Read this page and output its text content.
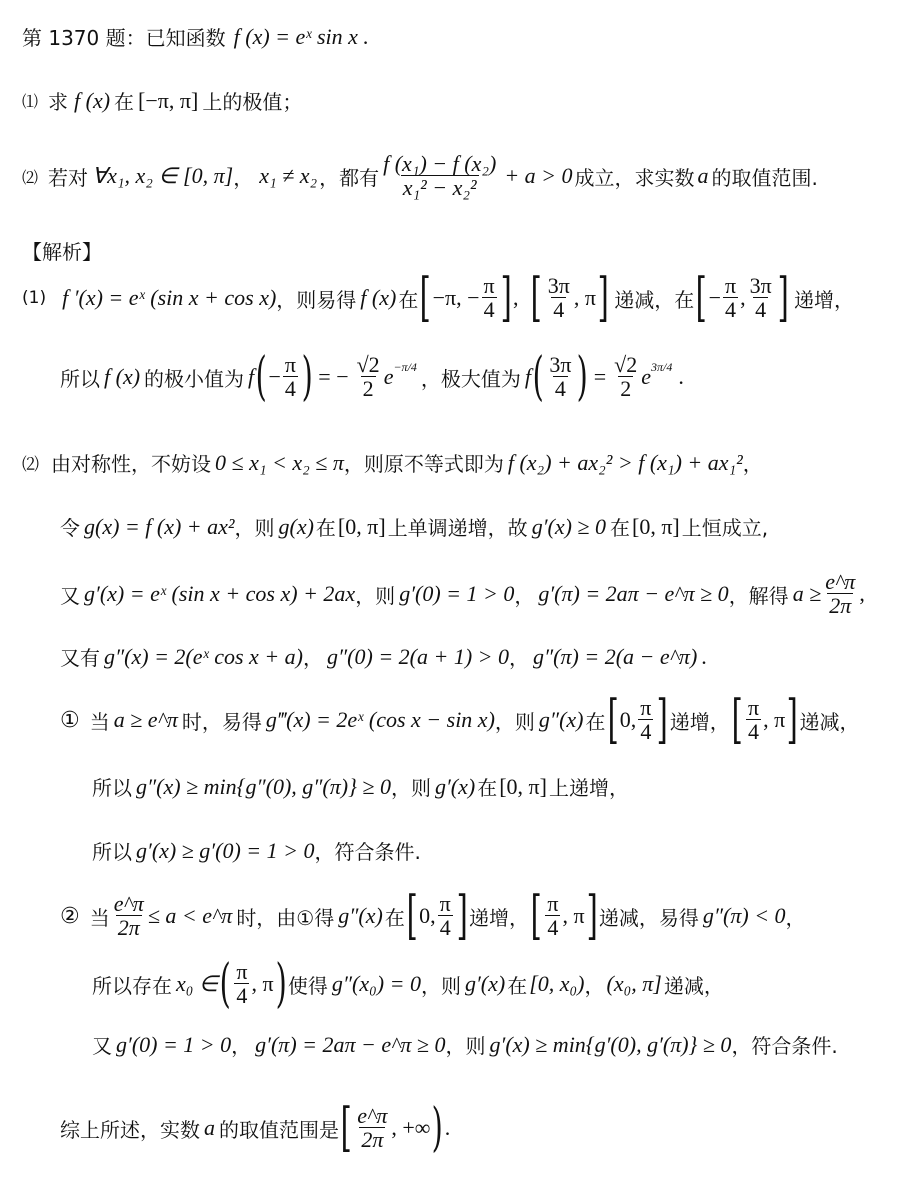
第 1370 题：已知函数 f (x) = eˣ sin x .
⑴ 求 f (x) 在 [−π, π] 上的极值；
⑵ 若对 ∀x₁, x₂ ∈ [0, π] ， x₁ ≠ x₂ ，都有 $\frac{\text{f (x₁) − f (x₂)}}{\text{x₁² − x₂²}} + a > 0$ 成立，求实数 a 的取值范围.
【解析】
(1) f ′(x) = eˣ (sin x + cos x) ，则易得 f (x) 在 [ −π, − $\frac{\pi}{4}$ ] , [ $\frac{3\pi}{4}$ , π ] 递减，在 [ − $\frac{\pi}{4}$ , $\frac{3\pi}{4}$ ] 递增，
所以 f (x) 的极小值为 f ( − $\frac{\pi}{4}$ ) = − $\frac{√2}{2}$ e −π/4 ，极大值为 f ( $\frac{3\pi}{4}$ ) = $\frac{√2}{2}$ e 3π/4 .
⑵ 由对称性，不妨设 0 ≤ x₁ < x₂ ≤ π ，则原不等式即为 f (x₂) + ax₂² > f (x₁) + ax₁² ，
令 g(x) = f (x) + ax² ，则 g(x) 在 [0, π] 上单调递增，故 g′(x) ≥ 0 在 [0, π] 上恒成立,
又 g′(x) = eˣ (sin x + cos x) + 2ax ，则 g′(0) = 1 > 0 ， g′(π) = 2aπ − e^π ≥ 0 ，解得 $a \ge \frac{e\^{}\pi}{2\pi}$ ,
又有 g″(x) = 2(eˣ cos x + a) ， g″(0) = 2(a + 1) > 0 ， g″(π) = 2(a − e^π) .
① 当 a ≥ e^π 时，易得 g‴(x) = 2eˣ (cos x − sin x) ，则 g″(x) 在 [ 0, $\frac{\pi}{4}$ ] 递增， [ $\frac{\pi}{4}$ , π ] 递减，
所以 g″(x) ≥ min{g″(0), g″(π)} ≥ 0 ，则 g′(x) 在 [0, π] 上递增，
所以 g′(x) ≥ g′(0) = 1 > 0 ，符合条件.
② 当 $\frac{e\^{}\pi}{2\pi} \le a$ < e^π 时，由①得 g″(x) 在 [ 0, $\frac{\pi}{4}$ ] 递增， [ $\frac{\pi}{4}$ , π ] 递减，易得 g″(π) < 0 ，
所以存在 x₀ ∈ ( $\frac{\pi}{4}$ , π ) 使得 g″(x₀) = 0 ，则 g′(x) 在 [0, x₀) ， (x₀, π] 递减，
又 g′(0) = 1 > 0 ， g′(π) = 2aπ − e^π ≥ 0 ，则 g′(x) ≥ min{g′(0), g′(π)} ≥ 0 ，符合条件.
综上所述，实数 a 的取值范围是 [ $\frac{e\^{}\pi}{2\pi}$ , +∞ ) .
